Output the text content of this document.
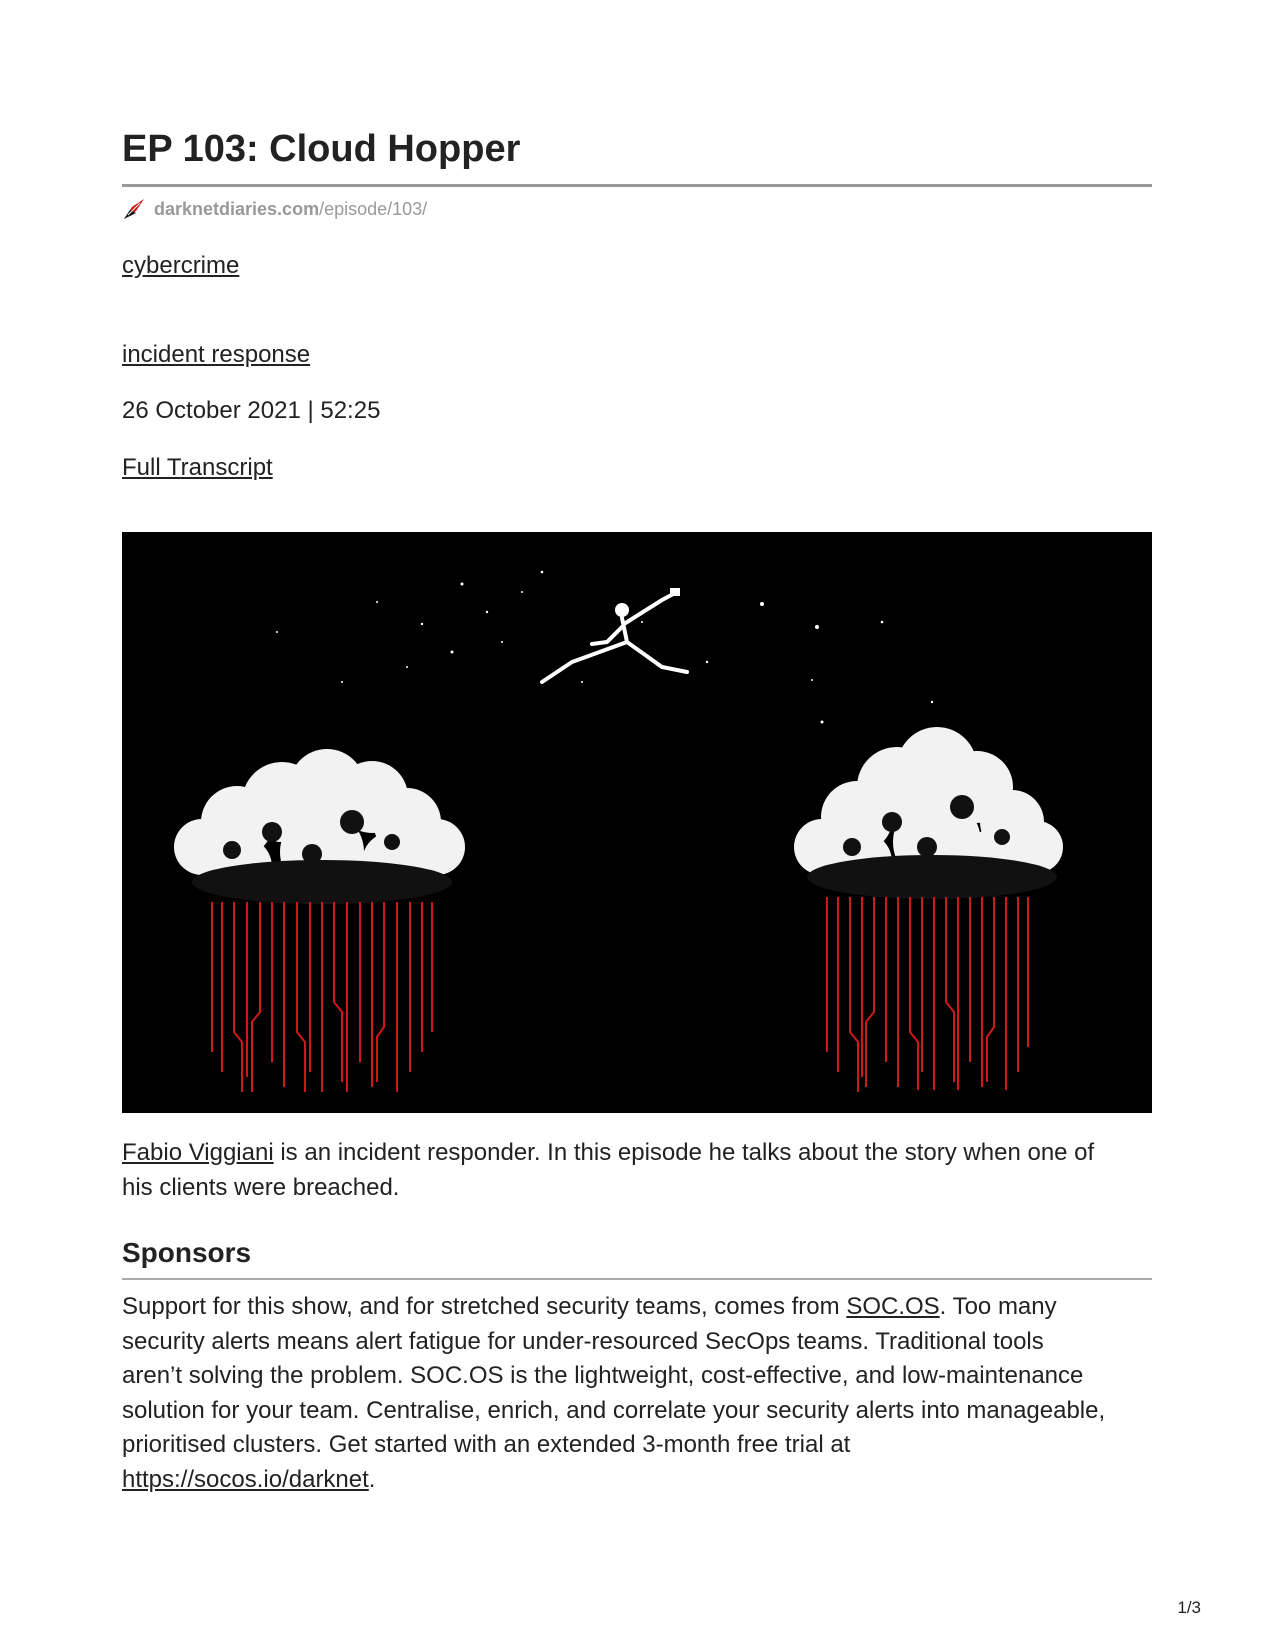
EP 103: Cloud Hopper
darknetdiaries.com /episode/103/
cybercrime
incident response
26 October 2021 | 52:25
Full Transcript

Fabio Viggiani is an incident responder. In this episode he talks about the story when one of
his clients were breached.

Sponsors

Support for this show, and for stretched security teams, comes from SOC.OS. Too many
security alerts means alert fatigue for under-resourced SecOps teams. Traditional tools
aren’t solving the problem. SOC.OS is the lightweight, cost-effective, and low-maintenance
solution for your team. Centralise, enrich, and correlate your security alerts into manageable,
prioritised clusters. Get started with an extended 3-month free trial at
https://socos.io/darknet.

1/3
